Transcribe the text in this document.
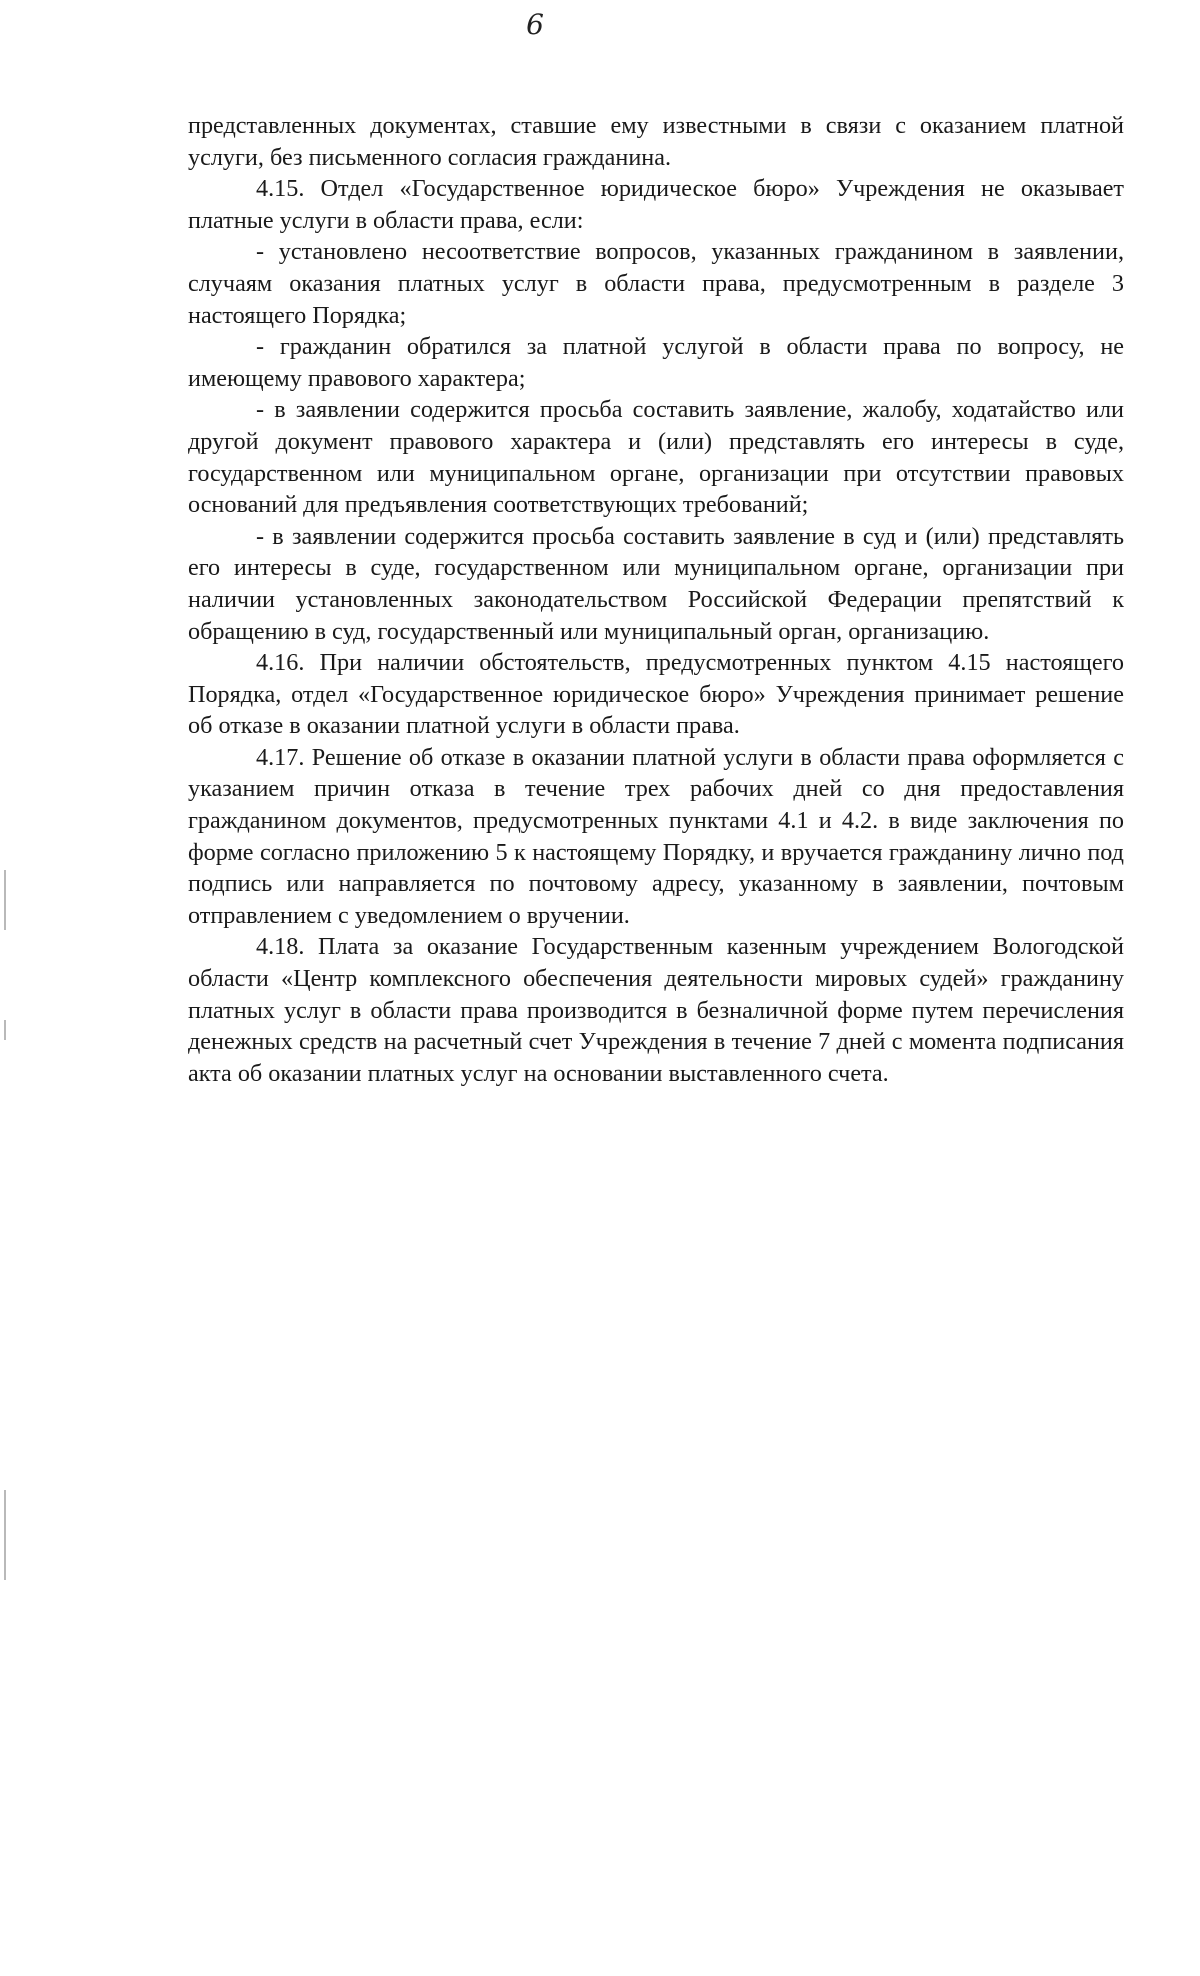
6

представленных документах, ставшие ему известными в связи с оказанием платной услуги, без письменного согласия гражданина.

4.15. Отдел «Государственное юридическое бюро» Учреждения не оказывает платные услуги в области права, если:

- установлено несоответствие вопросов, указанных гражданином в заявлении, случаям оказания платных услуг в области права, предусмотренным в разделе 3 настоящего Порядка;

- гражданин обратился за платной услугой в области права по вопросу, не имеющему правового характера;

- в заявлении содержится просьба составить заявление, жалобу, ходатайство или другой документ правового характера и (или) представлять его интересы в суде, государственном или муниципальном органе, организации при отсутствии правовых оснований для предъявления соответствующих требований;

- в заявлении содержится просьба составить заявление в суд и (или) представлять его интересы в суде, государственном или муниципальном органе, организации при наличии установленных законодательством Российской Федерации препятствий к обращению в суд, государственный или муниципальный орган, организацию.

4.16. При наличии обстоятельств, предусмотренных пунктом 4.15 настоящего Порядка, отдел «Государственное юридическое бюро» Учреждения принимает решение об отказе в оказании платной услуги в области права.

4.17. Решение об отказе в оказании платной услуги в области права оформляется с указанием причин отказа в течение трех рабочих дней со дня предоставления гражданином документов, предусмотренных пунктами 4.1 и 4.2. в виде заключения по форме согласно приложению 5 к настоящему Порядку, и вручается гражданину лично под подпись или направляется по почтовому адресу, указанному в заявлении, почтовым отправлением с уведомлением о вручении.

4.18. Плата за оказание Государственным казенным учреждением Вологодской области «Центр комплексного обеспечения деятельности мировых судей» гражданину платных услуг в области права производится в безналичной форме путем перечисления денежных средств на расчетный счет Учреждения в течение 7 дней с момента подписания акта об оказании платных услуг на основании выставленного счета.
